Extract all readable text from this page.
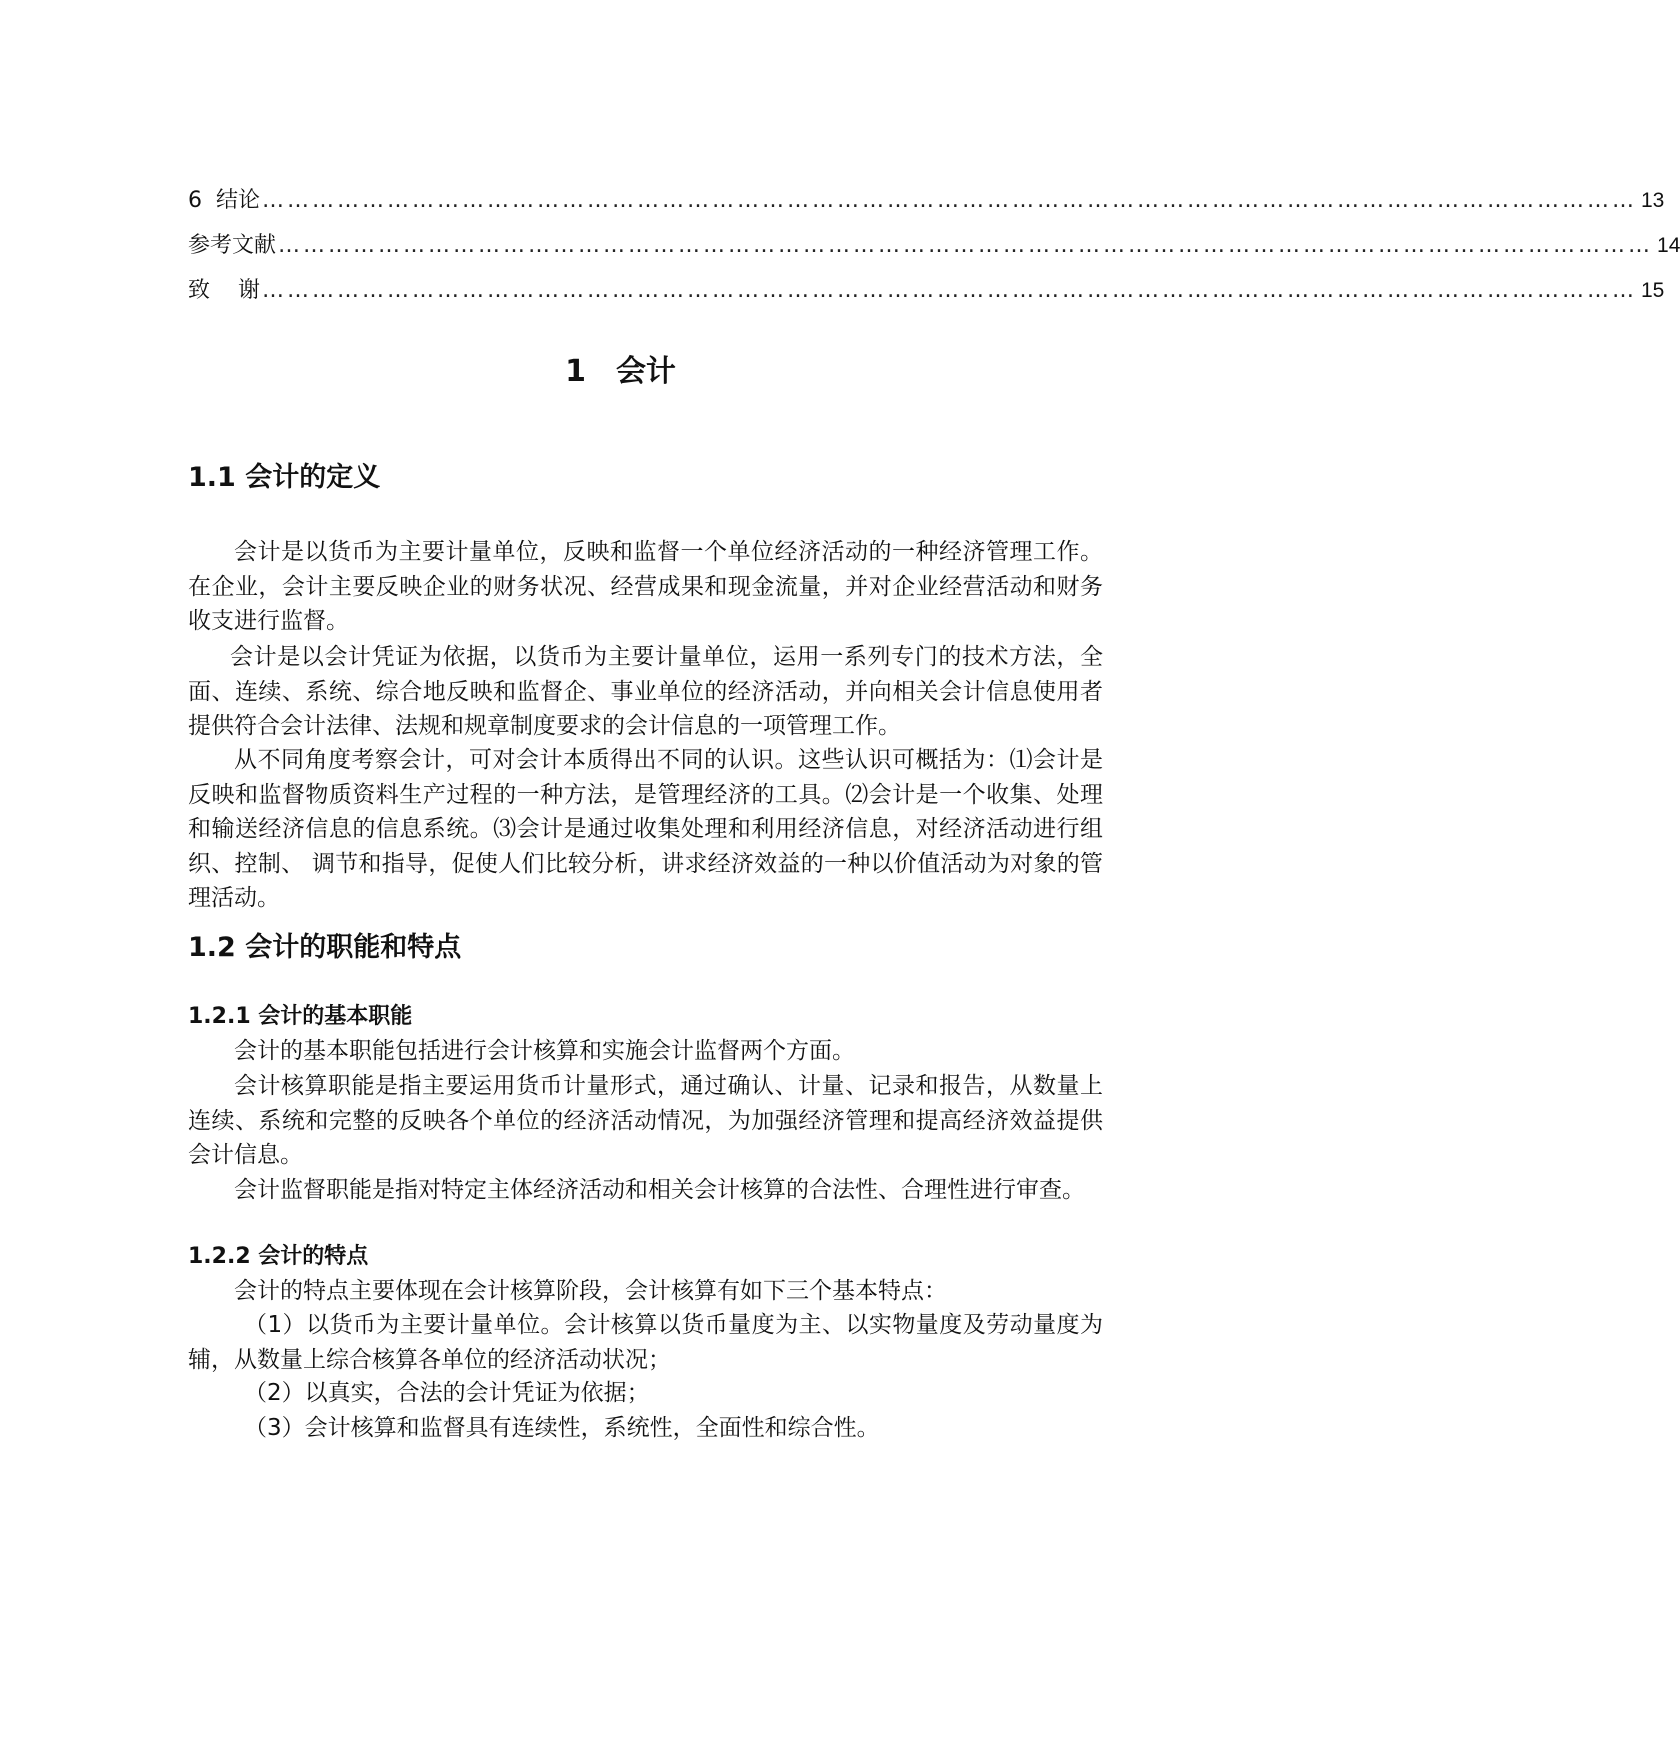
6  结论 ………………………………………………………………………………………………………………………………………………… 13
参考文献 ………………………………………………………………………………………………………………………………………………… 14
致    谢 ………………………………………………………………………………………………………………………………………………… 15
1 会计
1.1 会计的定义

会计是以货币为主要计量单位，反映和监督一个单位经济活动的一种经济管理工作。在企业，会计主要反映企业的财务状况、经营成果和现金流量，并对企业经营活动和财务收支进行监督。

会计是以会计凭证为依据，以货币为主要计量单位，运用一系列专门的技术方法，全面、连续、系统、综合地反映和监督企、事业单位的经济活动，并向相关会计信息使用者提供符合会计法律、法规和规章制度要求的会计信息的一项管理工作。

从不同角度考察会计，可对会计本质得出不同的认识。这些认识可概括为：⑴会计是反映和监督物质资料生产过程的一种方法，是管理经济的工具。⑵会计是一个收集、处理和输送经济信息的信息系统。⑶会计是通过收集处理和利用经济信息，对经济活动进行组织、控制、 调节和指导，促使人们比较分析，讲求经济效益的一种以价值活动为对象的管理活动。

1.2 会计的职能和特点
1.2.1 会计的基本职能

会计的基本职能包括进行会计核算和实施会计监督两个方面。

会计核算职能是指主要运用货币计量形式，通过确认、计量、记录和报告，从数量上连续、系统和完整的反映各个单位的经济活动情况，为加强经济管理和提高经济效益提供会计信息。

会计监督职能是指对特定主体经济活动和相关会计核算的合法性、合理性进行审查。

1.2.2 会计的特点

会计的特点主要体现在会计核算阶段，会计核算有如下三个基本特点：

（1）以货币为主要计量单位。会计核算以货币量度为主、以实物量度及劳动量度为辅，从数量上综合核算各单位的经济活动状况；

（2）以真实，合法的会计凭证为依据；

（3）会计核算和监督具有连续性，系统性，全面性和综合性。
